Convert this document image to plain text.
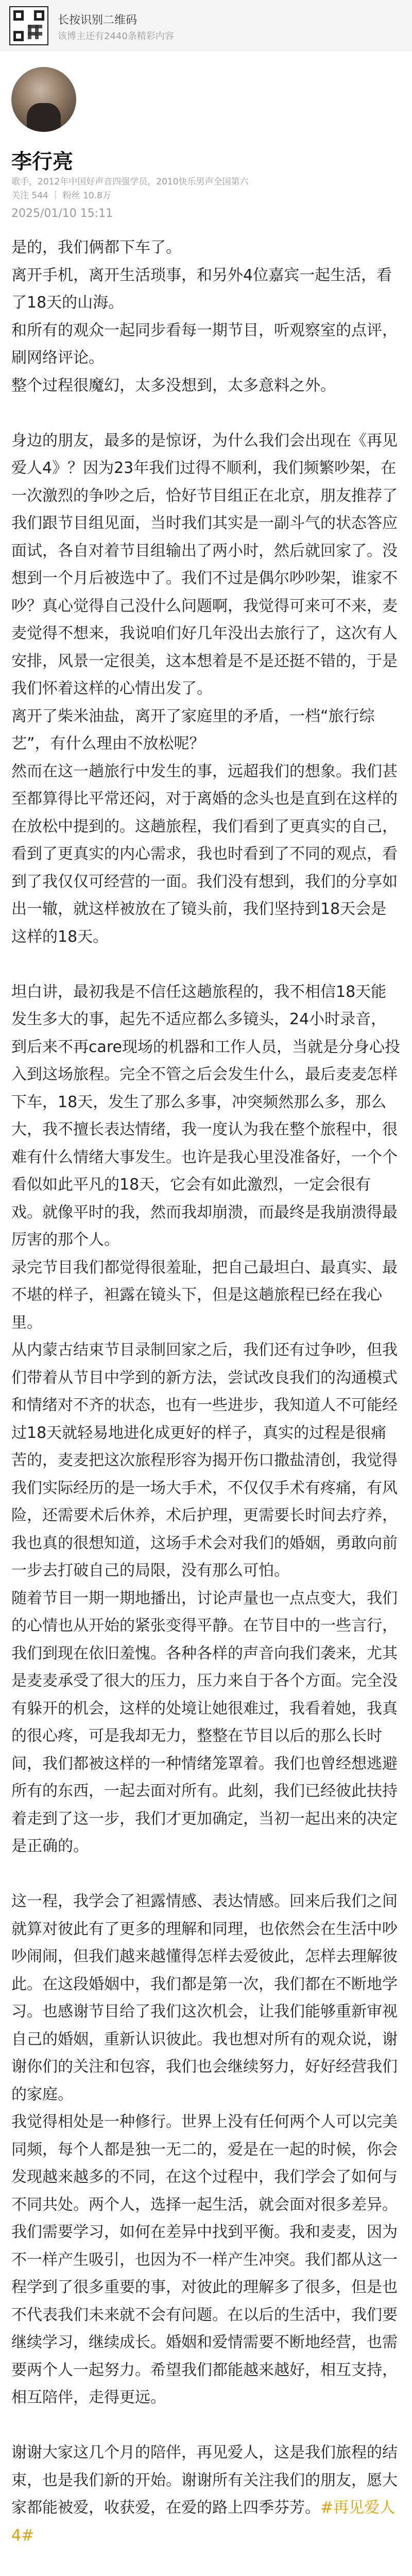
长按识别二维码
该博主还有2440条精彩内容
李行亮
歌手，2012年中国好声音四强学员，2010快乐男声全国第六
关注 544 ｜ 粉丝 10.8万
2025/01/10 15:11

是的，我们俩都下车了。

离开手机，离开生活琐事，和另外4位嘉宾一起生活，看了18天的山海。

和所有的观众一起同步看每一期节目，听观察室的点评，刷网络评论。

整个过程很魔幻，太多没想到，太多意料之外。

身边的朋友，最多的是惊讶，为什么我们会出现在《再见爱人4》？因为23年我们过得不顺利，我们频繁吵架，在一次激烈的争吵之后，恰好节目组正在北京，朋友推荐了我们跟节目组见面，当时我们其实是一副斗气的状态答应面试，各自对着节目组输出了两小时，然后就回家了。没想到一个月后被选中了。我们不过是偶尔吵吵架，谁家不吵？真心觉得自己没什么问题啊，我觉得可来可不来，麦麦觉得不想来，我说咱们好几年没出去旅行了，这次有人安排，风景一定很美，这本想着是不是还挺不错的，于是我们怀着这样的心情出发了。

离开了柴米油盐，离开了家庭里的矛盾，一档“旅行综艺”，有什么理由不放松呢？

然而在这一趟旅行中发生的事，远超我们的想象。我们甚至都算得比平常还闷，对于离婚的念头也是直到在这样的在放松中提到的。这趟旅程，我们看到了更真实的自己，看到了更真实的内心需求，我也时看到了不同的观点，看到了我仅仅可经营的一面。我们没有想到，我们的分享如出一辙，就这样被放在了镜头前，我们坚持到18天会是这样的18天。

坦白讲，最初我是不信任这趟旅程的，我不相信18天能发生多大的事，起先不适应都么多镜头，24小时录音，到后来不再care现场的机器和工作人员，当就是分身心投入到这场旅程。完全不管之后会发生什么，最后麦麦怎样下车，18天，发生了那么多事，冲突频然那么多，那么大，我不擅长表达情绪，我一度认为我在整个旅程中，很难有什么情绪大事发生。也许是我心里没准备好，一个个看似如此平凡的18天，它会有如此激烈，一定会很有戏。就像平时的我，然而我却崩溃，而最终是我崩溃得最厉害的那个人。

录完节目我们都觉得很羞耻，把自己最坦白、最真实、最不堪的样子，袒露在镜头下，但是这趟旅程已经在我心里。

从内蒙古结束节目录制回家之后，我们还有过争吵，但我们带着从节目中学到的新方法，尝试改良我们的沟通模式和情绪对不齐的状态，也有一些进步，我知道人不可能经过18天就轻易地进化成更好的样子，真实的过程是很痛苦的，麦麦把这次旅程形容为揭开伤口撒盐清创，我觉得我们实际经历的是一场大手术，不仅仅手术有疼痛，有风险，还需要术后休养，术后护理，更需要长时间去疗养，我也真的很想知道，这场手术会对我们的婚姻，勇敢向前一步去打破自己的局限，没有那么可怕。

随着节目一期一期地播出，讨论声量也一点点变大，我们的心情也从开始的紧张变得平静。在节目中的一些言行，我们到现在依旧羞愧。各种各样的声音向我们袭来，尤其是麦麦承受了很大的压力，压力来自于各个方面。完全没有躲开的机会，这样的处境让她很难过，我看着她，我真的很心疼，可是我却无力，整整在节目以后的那么长时间，我们都被这样的一种情绪笼罩着。我们也曾经想逃避所有的东西，一起去面对所有。此刻，我们已经彼此扶持着走到了这一步，我们才更加确定，当初一起出来的决定是正确的。

这一程，我学会了袒露情感、表达情感。回来后我们之间就算对彼此有了更多的理解和同理，也依然会在生活中吵吵闹闹，但我们越来越懂得怎样去爱彼此，怎样去理解彼此。在这段婚姻中，我们都是第一次，我们都在不断地学习。也感谢节目给了我们这次机会，让我们能够重新审视自己的婚姻，重新认识彼此。我也想对所有的观众说，谢谢你们的关注和包容，我们也会继续努力，好好经营我们的家庭。

我觉得相处是一种修行。世界上没有任何两个人可以完美同频，每个人都是独一无二的，爱是在一起的时候，你会发现越来越多的不同，在这个过程中，我们学会了如何与不同共处。两个人，选择一起生活，就会面对很多差异。我们需要学习，如何在差异中找到平衡。我和麦麦，因为不一样产生吸引，也因为不一样产生冲突。我们都从这一程学到了很多重要的事，对彼此的理解多了很多，但是也不代表我们未来就不会有问题。在以后的生活中，我们要继续学习，继续成长。婚姻和爱情需要不断地经营，也需要两个人一起努力。希望我们都能越来越好，相互支持，相互陪伴，走得更远。

谢谢大家这几个月的陪伴，再见爱人，这是我们旅程的结束，也是我们新的开始。谢谢所有关注我们的朋友，愿大家都能被爱，收获爱，在爱的路上四季芬芳。#再见爱人4#
